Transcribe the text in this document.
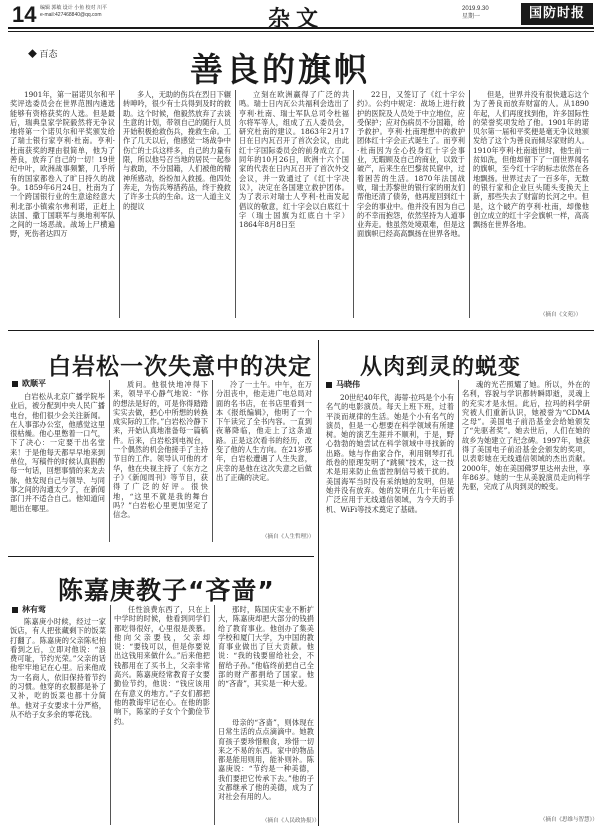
14 编辑 郭敏 设计 小鱼 校对 川平
e-mail:427468840@qq.com	杂文	2019.9.30
星期一	国防时报
◆ 百态	善良的旗帜
1901年，第一届诺贝尔和平奖评选委员会在世界范围内遴选能够有资格获奖的人选。但是最后，瑞典皇家学院毅然将无争议地将第一个诺贝尔和平奖颁发给了瑞士银行家亨利·杜南。亨利·杜南获奖的理由很简单，他为了善良，放弃了自己的一切！19世纪中叶，欧洲战事频繁，几乎所有的国家都卷入了旷日持久的战争。1859年6月24日，杜南为了一个跨国银行业的生意途经意大利北部小镇索尔弗利诺，正赶上法国、撒丁国联军与奥地利军队之间的一场恶战。战场上尸横遍野，死伤者达四万
多人，无助的伤兵在烈日下辗转呻吟，很少有士兵得到及时的救助。这个时候，他毅然放弃了去谈生意的计划，带领自己的随行人员开始积极抢救伤兵，挽救生命。工作了几天以后，他感觉一场战争中伤亡的士兵这样多，自己的力量有限，所以他号召当地的居民一起参与救助，不分国籍，人们被他的精神所感动，纷纷加入救援。他四处奔走，为伤兵筹措药品，终于挽救了许多士兵的生命。这一人道主义的提议
立刻在欧洲赢得了广泛的共鸣。瑞士日内瓦公共福利会选出了亨利·杜南、瑞士军队总司令杜福尔将军等人，组成了五人委员会，研究杜南的建议。1863年2月17日在日内瓦召开了首次会议，由此红十字国际委员会的前身成立了。同年的10月26日，欧洲十六个国家的代表在日内瓦召开了首次外交会议，并一致通过了《红十字决议》，决定在各国建立救护团体。为了表示对瑞士人亨利·杜南发起倡议的敬意，红十字会以白底红十字（瑞士国旗为红底白十字）1864年8月8日至
22日，又签订了《红十字公约》。公约中规定：战场上进行救护的医院及人员处于中立地位，应受保护；应对伤病员不分国籍，给予救护。亨利·杜南理想中的救护团体红十字会正式诞生了。而亨利·杜南因为全心投身红十字会事业，无暇顾及自己的商业，以致于破产，后来生在巴黎贫民窟中，过着困苦的生活。1870年法国战败，瑞士苏黎世的银行家的朋友们帮他还清了债务，他再度回到红十字会的事业中。他并没有因为自己的不幸而抱怨，依然坚持为人道事业奔走。他虽然处境艰难，但是这面旗帜已经高高飘扬在世界各地。
但是，世界并没有很快遗忘这个为了善良而放弃财富的人。从1890年起，人们再度找到他，许多国际性的荣誉奖项发给了他。1901年的诺贝尔第一届和平奖便是毫无争议地颁发给了这个为善良而倾尽家财的人。1910年亨利·杜南逝世时，他生前一贫如洗，但他却留下了一面世界闻名的旗帜，至今红十字的标志依然在各地飘扬。世界过去了一百多年，无数的银行家和企业巨头随头变换天上新，那些失去了财富的长河之中。但是，这个破产的亨利·杜南，却像他创立成立的红十字会旗帜一样，高高飘扬在世界各地。
（摘自《文苑》）
白岩松一次失意中的决定
欧顺平
白岩松从北京广播学院毕业后，被分配到中央人民广播电台，他们很少会关注新闻。在人事部办公室，他感觉这里很枯燥。他心里憋着一口气，下了决心：一定要干出名堂来！于是他每天都早早地来到单位，写稿件的时候认真斟酌每一句话，回想事情的来龙去脉，他发现自己与领导、与同事之间的沟通太少了，在新闻部门并不适合自己。他知道问题出在哪里。
质问。他很快地冲得下来，领导平心静气地说：“你的想法是好的，可是你得踏踏实实去做，把心中所想的转换成实际的工作。”白岩松冷静下来，开始认真地准备每一篇稿件。后来，白岩松到电视台，一个偶然的机会他接手了主持节目的工作。领导认可他的才华，他在央视主持了《东方之子》《新闻周刊》等节目，获得了广泛的好评。很快地，“这里不就是我的舞台吗？”白岩松心里更加坚定了信念。
冷了一土午。中午，在万分沮丧中，他走进广电总局对面的名书店，在书店里看到一本《报纸编辑》，他明了一个下午读完了全书内容。一直到夜幕降临，他走上了这条道路。正是这次看书的经历，改变了他的人生方向。在21岁那年，白岩松遭遇了人生失意，庆幸的是他在这次失意之后做出了正确的决定。
（摘自《人生哲理》）
从肉到灵的蜕变
马晓伟
20世纪40年代，海蒂·拉玛是个小有名气的电影演员。每天上班下班，过着平淡而规律的生活。她是个小有名气的演员，但是一心想要在科学领域有所建树。她的演艺生涯并不顺利，于是，野心勃勃的她尝试在科学领域中寻找新的出路。她与作曲家合作，利用钢琴打孔纸卷的原理发明了“跳频”技术，这一技术是用来防止鱼雷控制信号被干扰的。美国海军当时没有采纳她的发明，但是她并没有放弃。她的发明在几十年后被广泛应用于无线通信领域，为今天的手机、WiFi等技术奠定了基础。
魂的光芒照耀了她。所以，外在的名利，容貌与学识都转瞬即逝，灵魂上的充实才是永恒。此后，拉玛的科学研究被人们重新认识，她被誉为“CDMA之母”。美国电子前沿基金会给她颁发了“先驱者奖”。她去世后，人们在她的故乡为她建立了纪念碑。1997年，她获得了美国电子前沿基金会颁发的奖项，以表彰她在无线通信领域的杰出贡献。2000年，她在美国佛罗里达州去世，享年86岁。她的一生从美貌演员走向科学先驱，完成了从肉到灵的蜕变。
（摘自《思维与智慧》）
陈嘉庚教子“吝啬”
林有莺
陈嘉庚小时候，经过一家饭店，有人把张藏剩下的饭菜打翻了。陈嘉庚的父亲陈杞柏看到之后，立即对他说：“浪费可耻，节约光荣。”父亲的话他牢牢地记在心里。后来他成为一名商人，依旧保持着节约的习惯。他穿的衣服都是补了又补，吃的饭菜也都十分简单。他对子女要求十分严格，从不给子女多余的零花钱。
任性浪费东西了，只在上中学时的时候，他看到同学们都吃得很好，心里很是羡慕。他向父亲要钱，父亲却说：“要钱可以，但是你要说出这钱用来做什么。”后来他把钱都用在了买书上，父亲非常高兴。陈嘉庚经常教育子女要勤俭节约，他说：“钱应该用在有意义的地方。”子女们都把他的教诲牢记在心。在他的影响下，陈家的子女个个勤俭节约。
那时，陈国庆实业不断扩大，陈嘉庚却把大部分的钱捐给了教育事业。他创办了集美学校和厦门大学，为中国的教育事业做出了巨大贡献。他说：“我的钱要留给社会，不留给子孙。”他临终前把自己全部的财产都捐给了国家。他的“吝啬”，其实是一种大爱。
母亲的“吝啬”，则体现在日常生活的点点滴滴中。她教育孩子要珍惜粮食，珍惜一切来之不易的东西。家中的物品都是能用则用，能补则补。陈嘉庚说：“节约是一种美德，我们要把它传承下去。”他的子女都继承了他的美德，成为了对社会有用的人。
（摘自《人民政协报》）
